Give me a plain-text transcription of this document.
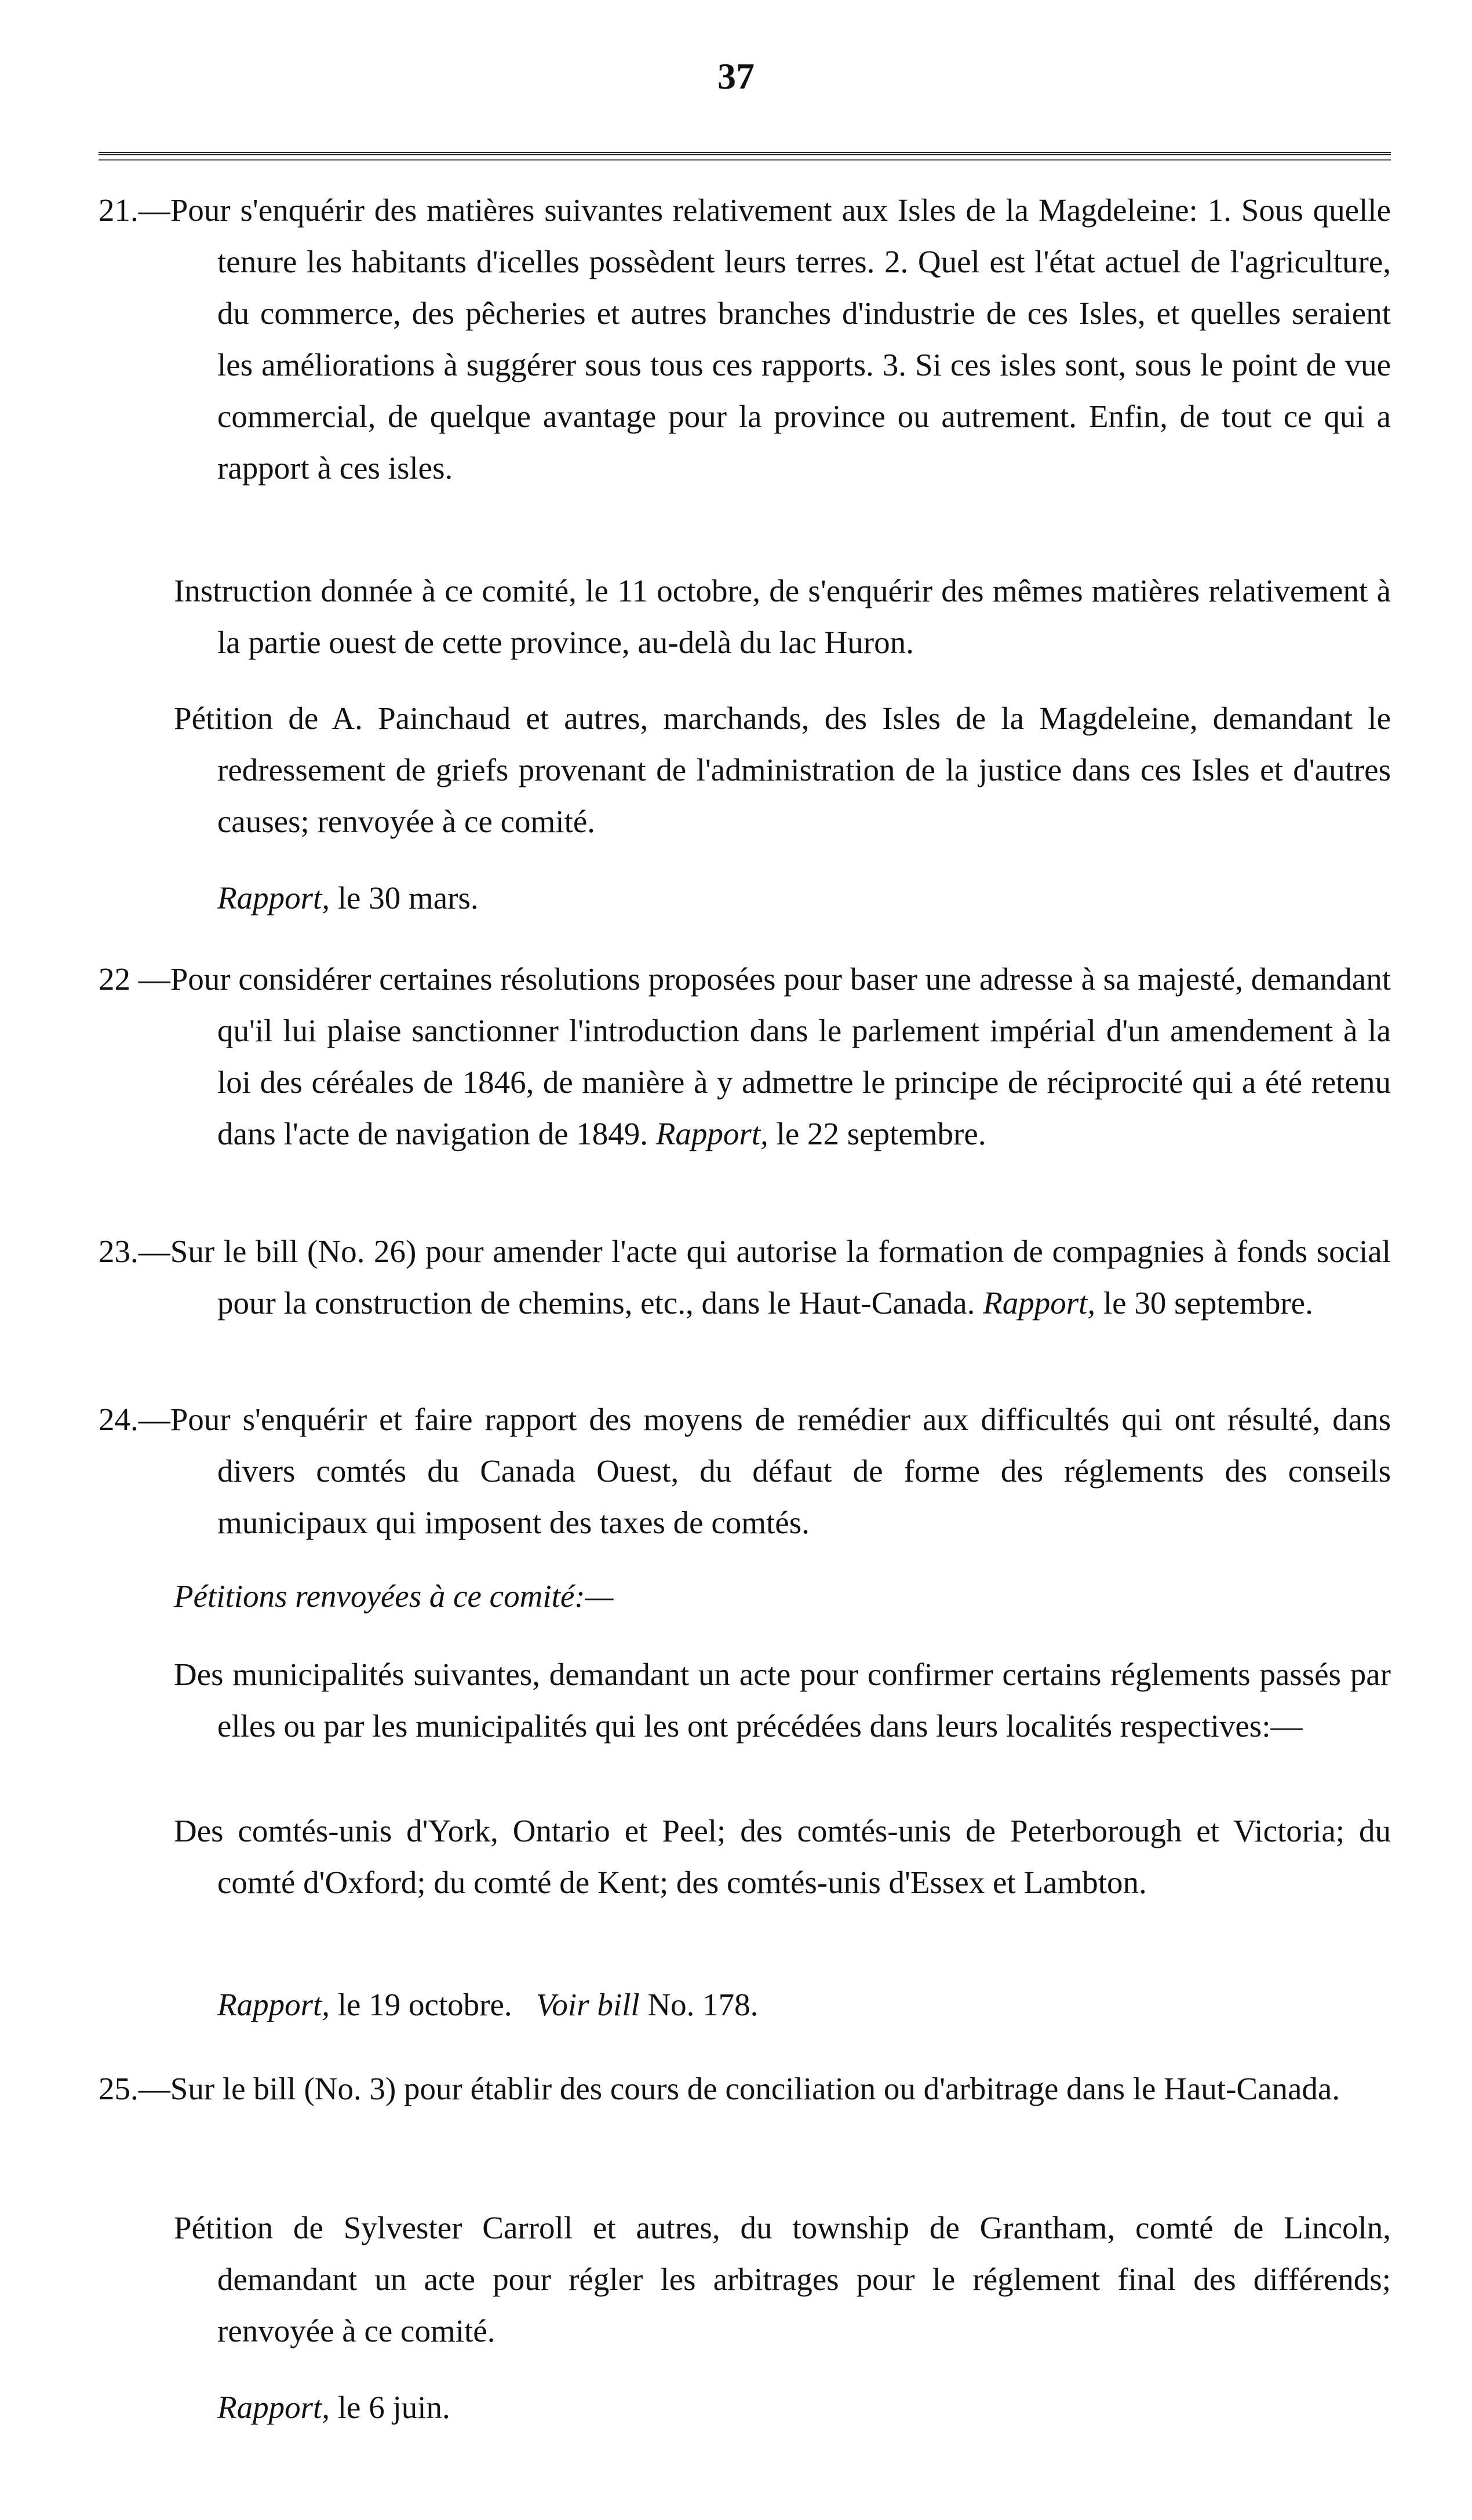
37
21.—Pour s'enquérir des matières suivantes relativement aux Isles de la Magdeleine: 1. Sous quelle tenure les habitants d'icelles possèdent leurs terres. 2. Quel est l'état actuel de l'agriculture, du commerce, des pêcheries et autres branches d'industrie de ces Isles, et quelles seraient les améliorations à suggérer sous tous ces rapports. 3. Si ces isles sont, sous le point de vue commercial, de quelque avantage pour la province ou autrement. Enfin, de tout ce qui a rapport à ces isles.
Instruction donnée à ce comité, le 11 octobre, de s'enquérir des mêmes matières relativement à la partie ouest de cette province, au-delà du lac Huron.
Pétition de A. Painchaud et autres, marchands, des Isles de la Magdeleine, demandant le redressement de griefs provenant de l'administration de la justice dans ces Isles et d'autres causes; renvoyée à ce comité.
Rapport, le 30 mars.
22 —Pour considérer certaines résolutions proposées pour baser une adresse à sa majesté, demandant qu'il lui plaise sanctionner l'introduction dans le parlement impérial d'un amendement à la loi des céréales de 1846, de manière à y admettre le principe de réciprocité qui a été retenu dans l'acte de navigation de 1849. Rapport, le 22 septembre.
23.—Sur le bill (No. 26) pour amender l'acte qui autorise la formation de compagnies à fonds social pour la construction de chemins, etc., dans le Haut-Canada. Rapport, le 30 septembre.
24.—Pour s'enquérir et faire rapport des moyens de remédier aux difficultés qui ont résulté, dans divers comtés du Canada Ouest, du défaut de forme des réglements des conseils municipaux qui imposent des taxes de comtés.
Pétitions renvoyées à ce comité:—
Des municipalités suivantes, demandant un acte pour confirmer certains réglements passés par elles ou par les municipalités qui les ont précédées dans leurs localités respectives:—
Des comtés-unis d'York, Ontario et Peel; des comtés-unis de Peterborough et Victoria; du comté d'Oxford; du comté de Kent; des comtés-unis d'Essex et Lambton.
Rapport, le 19 octobre. Voir bill No. 178.
25.—Sur le bill (No. 3) pour établir des cours de conciliation ou d'arbitrage dans le Haut-Canada.
Pétition de Sylvester Carroll et autres, du township de Grantham, comté de Lincoln, demandant un acte pour régler les arbitrages pour le réglement final des différends; renvoyée à ce comité.
Rapport, le 6 juin.
